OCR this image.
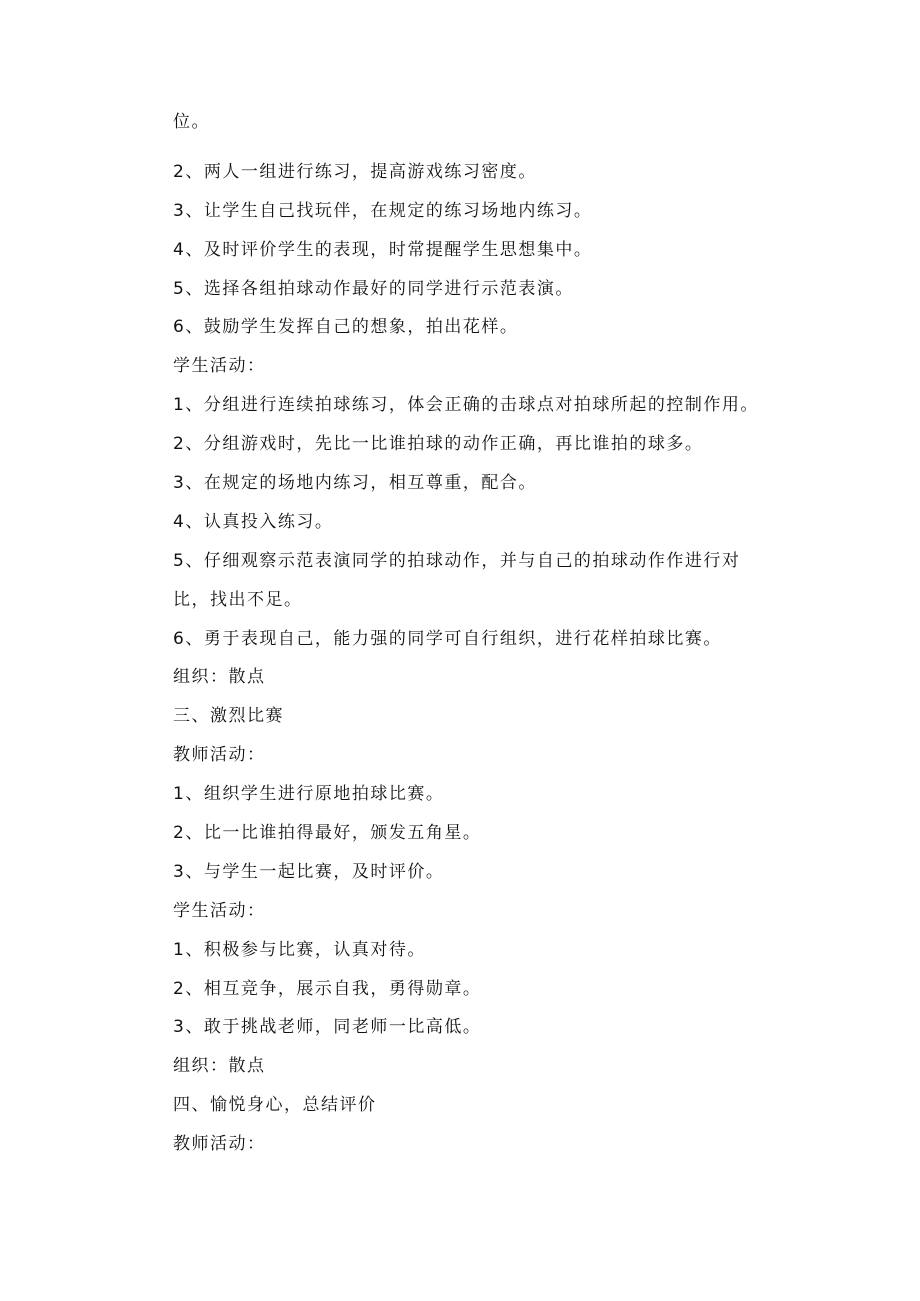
位。
2、两人一组进行练习，提高游戏练习密度。
3、让学生自己找玩伴，在规定的练习场地内练习。
4、及时评价学生的表现，时常提醒学生思想集中。
5、选择各组拍球动作最好的同学进行示范表演。
6、鼓励学生发挥自己的想象，拍出花样。
学生活动：
1、分组进行连续拍球练习，体会正确的击球点对拍球所起的控制作用。
2、分组游戏时，先比一比谁拍球的动作正确，再比谁拍的球多。
3、在规定的场地内练习，相互尊重，配合。
4、认真投入练习。
5、仔细观察示范表演同学的拍球动作，并与自己的拍球动作作进行对
比，找出不足。
6、勇于表现自己，能力强的同学可自行组织，进行花样拍球比赛。
组织：散点
三、激烈比赛
教师活动：
1、组织学生进行原地拍球比赛。
2、比一比谁拍得最好，颁发五角星。
3、与学生一起比赛，及时评价。
学生活动：
1、积极参与比赛，认真对待。
2、相互竞争，展示自我，勇得勋章。
3、敢于挑战老师，同老师一比高低。
组织：散点
四、愉悦身心，总结评价
教师活动：
